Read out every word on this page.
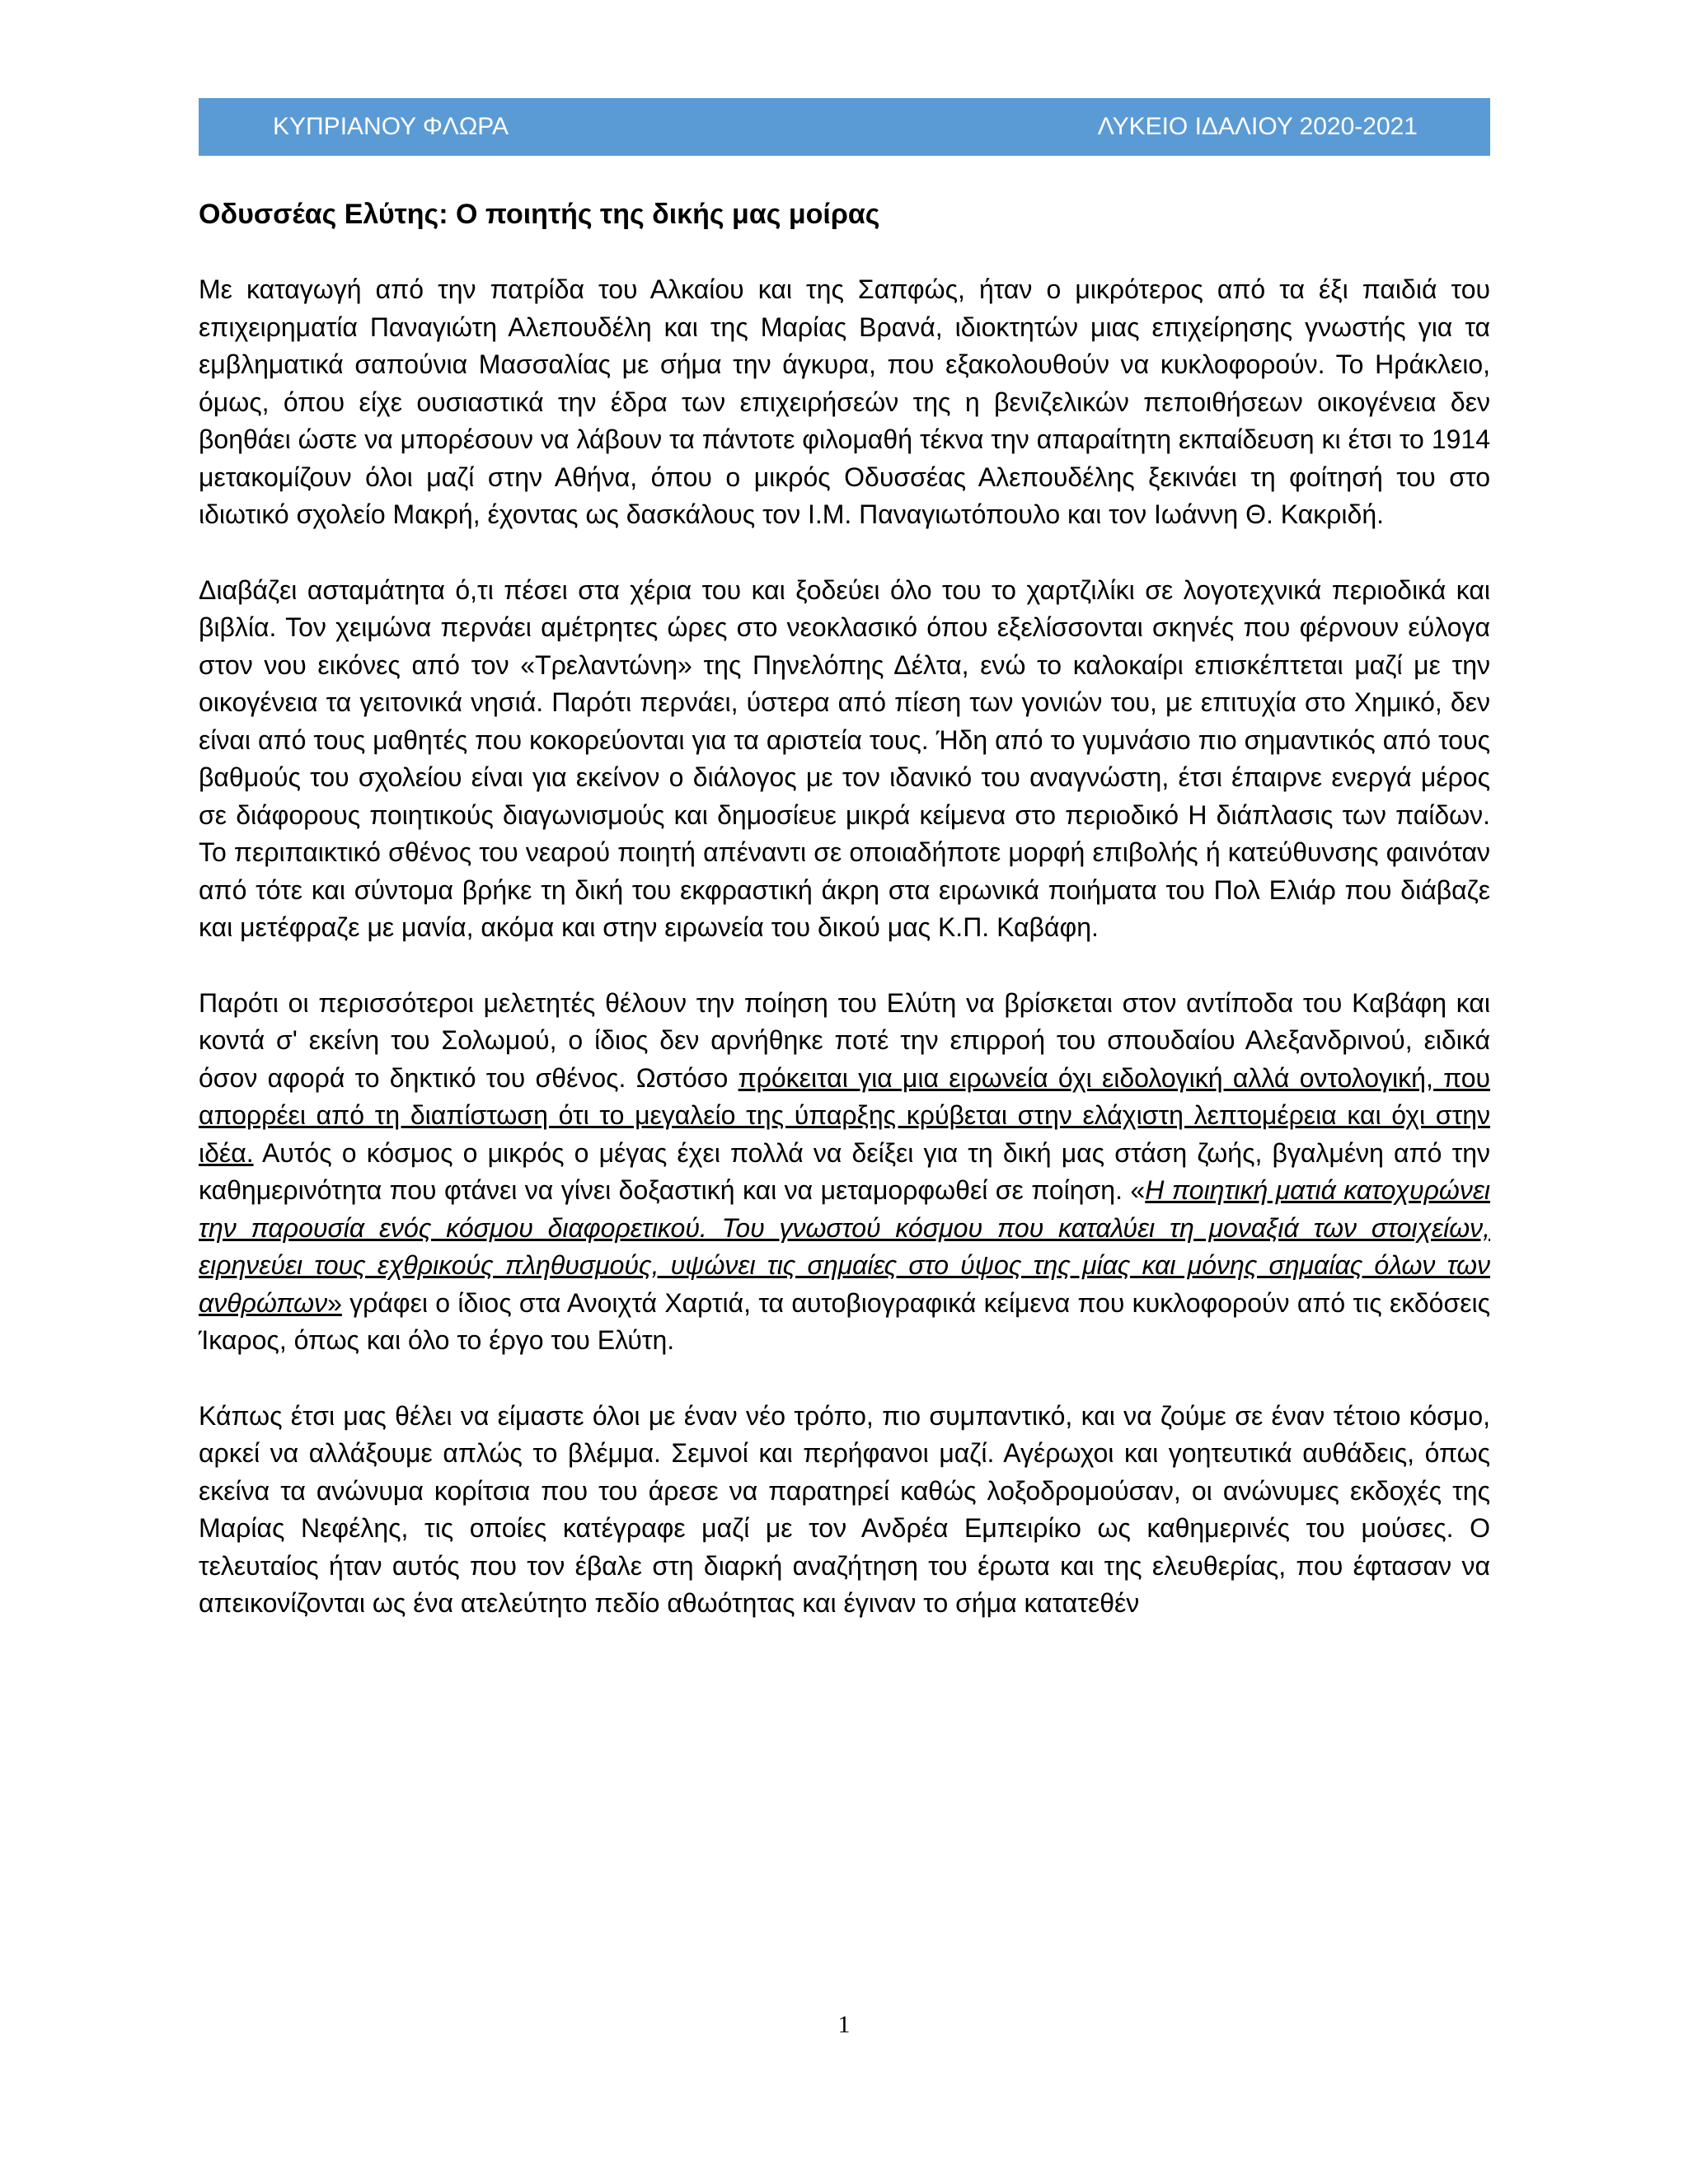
ΚΥΠΡΙΑΝΟΥ ΦΛΩΡΑ	ΛΥΚΕΙΟ ΙΔΑΛΙΟΥ 2020-2021
Οδυσσέας Ελύτης: Ο ποιητής της δικής μας μοίρας
Με καταγωγή από την πατρίδα του Αλκαίου και της Σαπφώς, ήταν ο μικρότερος από τα έξι παιδιά του επιχειρηματία Παναγιώτη Αλεπουδέλη και της Μαρίας Βρανά, ιδιοκτητών μιας επιχείρησης γνωστής για τα εμβληματικά σαπούνια Μασσαλίας με σήμα την άγκυρα, που εξακολουθούν να κυκλοφορούν. Το Ηράκλειο, όμως, όπου είχε ουσιαστικά την έδρα των επιχειρήσεών της η βενιζελικών πεποιθήσεων οικογένεια δεν βοηθάει ώστε να μπορέσουν να λάβουν τα πάντοτε φιλομαθή τέκνα την απαραίτητη εκπαίδευση κι έτσι το 1914 μετακομίζουν όλοι μαζί στην Αθήνα, όπου ο μικρός Οδυσσέας Αλεπουδέλης ξεκινάει τη φοίτησή του στο ιδιωτικό σχολείο Μακρή, έχοντας ως δασκάλους τον Ι.Μ. Παναγιωτόπουλο και τον Ιωάννη Θ. Κακριδή.
Διαβάζει ασταμάτητα ό,τι πέσει στα χέρια του και ξοδεύει όλο του το χαρτζιλίκι σε λογοτεχνικά περιοδικά και βιβλία. Τον χειμώνα περνάει αμέτρητες ώρες στο νεοκλασικό όπου εξελίσσονται σκηνές που φέρνουν εύλογα στον νου εικόνες από τον «Τρελαντώνη» της Πηνελόπης Δέλτα, ενώ το καλοκαίρι επισκέπτεται μαζί με την οικογένεια τα γειτονικά νησιά. Παρότι περνάει, ύστερα από πίεση των γονιών του, με επιτυχία στο Χημικό, δεν είναι από τους μαθητές που κοκορεύονται για τα αριστεία τους. Ήδη από το γυμνάσιο πιο σημαντικός από τους βαθμούς του σχολείου είναι για εκείνον ο διάλογος με τον ιδανικό του αναγνώστη, έτσι έπαιρνε ενεργά μέρος σε διάφορους ποιητικούς διαγωνισμούς και δημοσίευε μικρά κείμενα στο περιοδικό Η διάπλασις των παίδων. Το περιπαικτικό σθένος του νεαρού ποιητή απέναντι σε οποιαδήποτε μορφή επιβολής ή κατεύθυνσης φαινόταν από τότε και σύντομα βρήκε τη δική του εκφραστική άκρη στα ειρωνικά ποιήματα του Πολ Ελιάρ που διάβαζε και μετέφραζε με μανία, ακόμα και στην ειρωνεία του δικού μας Κ.Π. Καβάφη.
Παρότι οι περισσότεροι μελετητές θέλουν την ποίηση του Ελύτη να βρίσκεται στον αντίποδα του Καβάφη και κοντά σ' εκείνη του Σολωμού, ο ίδιος δεν αρνήθηκε ποτέ την επιρροή του σπουδαίου Αλεξανδρινού, ειδικά όσον αφορά το δηκτικό του σθένος. Ωστόσο πρόκειται για μια ειρωνεία όχι ειδολογική αλλά οντολογική, που απορρέει από τη διαπίστωση ότι το μεγαλείο της ύπαρξης κρύβεται στην ελάχιστη λεπτομέρεια και όχι στην ιδέα. Αυτός ο κόσμος ο μικρός ο μέγας έχει πολλά να δείξει για τη δική μας στάση ζωής, βγαλμένη από την καθημερινότητα που φτάνει να γίνει δοξαστική και να μεταμορφωθεί σε ποίηση. «Η ποιητική ματιά κατοχυρώνει την παρουσία ενός κόσμου διαφορετικού. Του γνωστού κόσμου που καταλύει τη μοναξιά των στοιχείων, ειρηνεύει τους εχθρικούς πληθυσμούς, υψώνει τις σημαίες στο ύψος της μίας και μόνης σημαίας όλων των ανθρώπων» γράφει ο ίδιος στα Ανοιχτά Χαρτιά, τα αυτοβιογραφικά κείμενα που κυκλοφορούν από τις εκδόσεις Ίκαρος, όπως και όλο το έργο του Ελύτη.
Κάπως έτσι μας θέλει να είμαστε όλοι με έναν νέο τρόπο, πιο συμπαντικό, και να ζούμε σε έναν τέτοιο κόσμο, αρκεί να αλλάξουμε απλώς το βλέμμα. Σεμνοί και περήφανοι μαζί. Αγέρωχοι και γοητευτικά αυθάδεις, όπως εκείνα τα ανώνυμα κορίτσια που του άρεσε να παρατηρεί καθώς λοξοδρομούσαν, οι ανώνυμες εκδοχές της Μαρίας Νεφέλης, τις οποίες κατέγραφε μαζί με τον Ανδρέα Εμπειρίκο ως καθημερινές του μούσες. Ο τελευταίος ήταν αυτός που τον έβαλε στη διαρκή αναζήτηση του έρωτα και της ελευθερίας, που έφτασαν να απεικονίζονται ως ένα ατελεύτητο πεδίο αθωότητας και έγιναν το σήμα κατατεθέν
1
